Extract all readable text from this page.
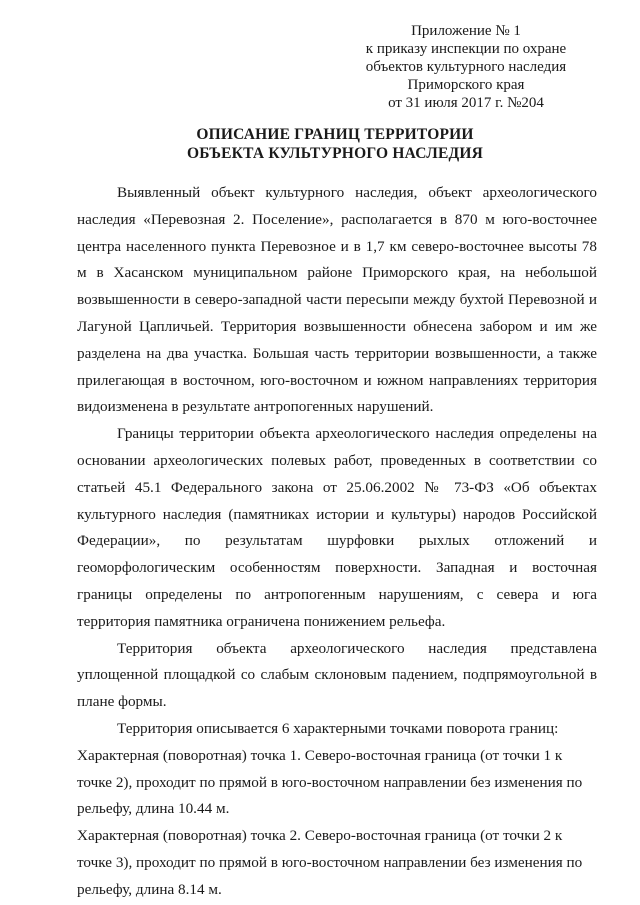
Приложение № 1
к приказу инспекции по охране
объектов культурного наследия
Приморского края
от 31 июля 2017 г. №204
ОПИСАНИЕ ГРАНИЦ ТЕРРИТОРИИ
ОБЪЕКТА КУЛЬТУРНОГО НАСЛЕДИЯ

Выявленный объект культурного наследия, объект археологического наследия «Перевозная 2. Поселение», располагается в 870 м юго-восточнее центра населенного пункта Перевозное и в 1,7 км северо-восточнее высоты 78 м в Хасанском муниципальном районе Приморского края, на небольшой возвышенности в северо-западной части пересыпи между бухтой Перевозной и Лагуной Цапличьей. Территория возвышенности обнесена забором и им же разделена на два участка. Большая часть территории возвышенности, а также прилегающая в восточном, юго-восточном и южном направлениях территория видоизменена в результате антропогенных нарушений.

Границы территории объекта археологического наследия определены на основании археологических полевых работ, проведенных в соответствии со статьей 45.1 Федерального закона от 25.06.2002 № 73-ФЗ «Об объектах культурного наследия (памятниках истории и культуры) народов Российской Федерации», по результатам шурфовки рыхлых отложений и геоморфологическим особенностям поверхности. Западная и восточная границы определены по антропогенным нарушениям, с севера и юга территория памятника ограничена понижением рельефа.

Территория объекта археологического наследия представлена уплощенной площадкой со слабым склоновым падением, подпрямоугольной в плане формы.

Территория описывается 6 характерными точками поворота границ:

Характерная (поворотная) точка 1. Северо-восточная граница (от точки 1 к точке 2), проходит по прямой в юго-восточном направлении без изменения по рельефу, длина 10.44 м.

Характерная (поворотная) точка 2. Северо-восточная граница (от точки 2 к точке 3), проходит по прямой в юго-восточном направлении без изменения по рельефу, длина 8.14 м.
